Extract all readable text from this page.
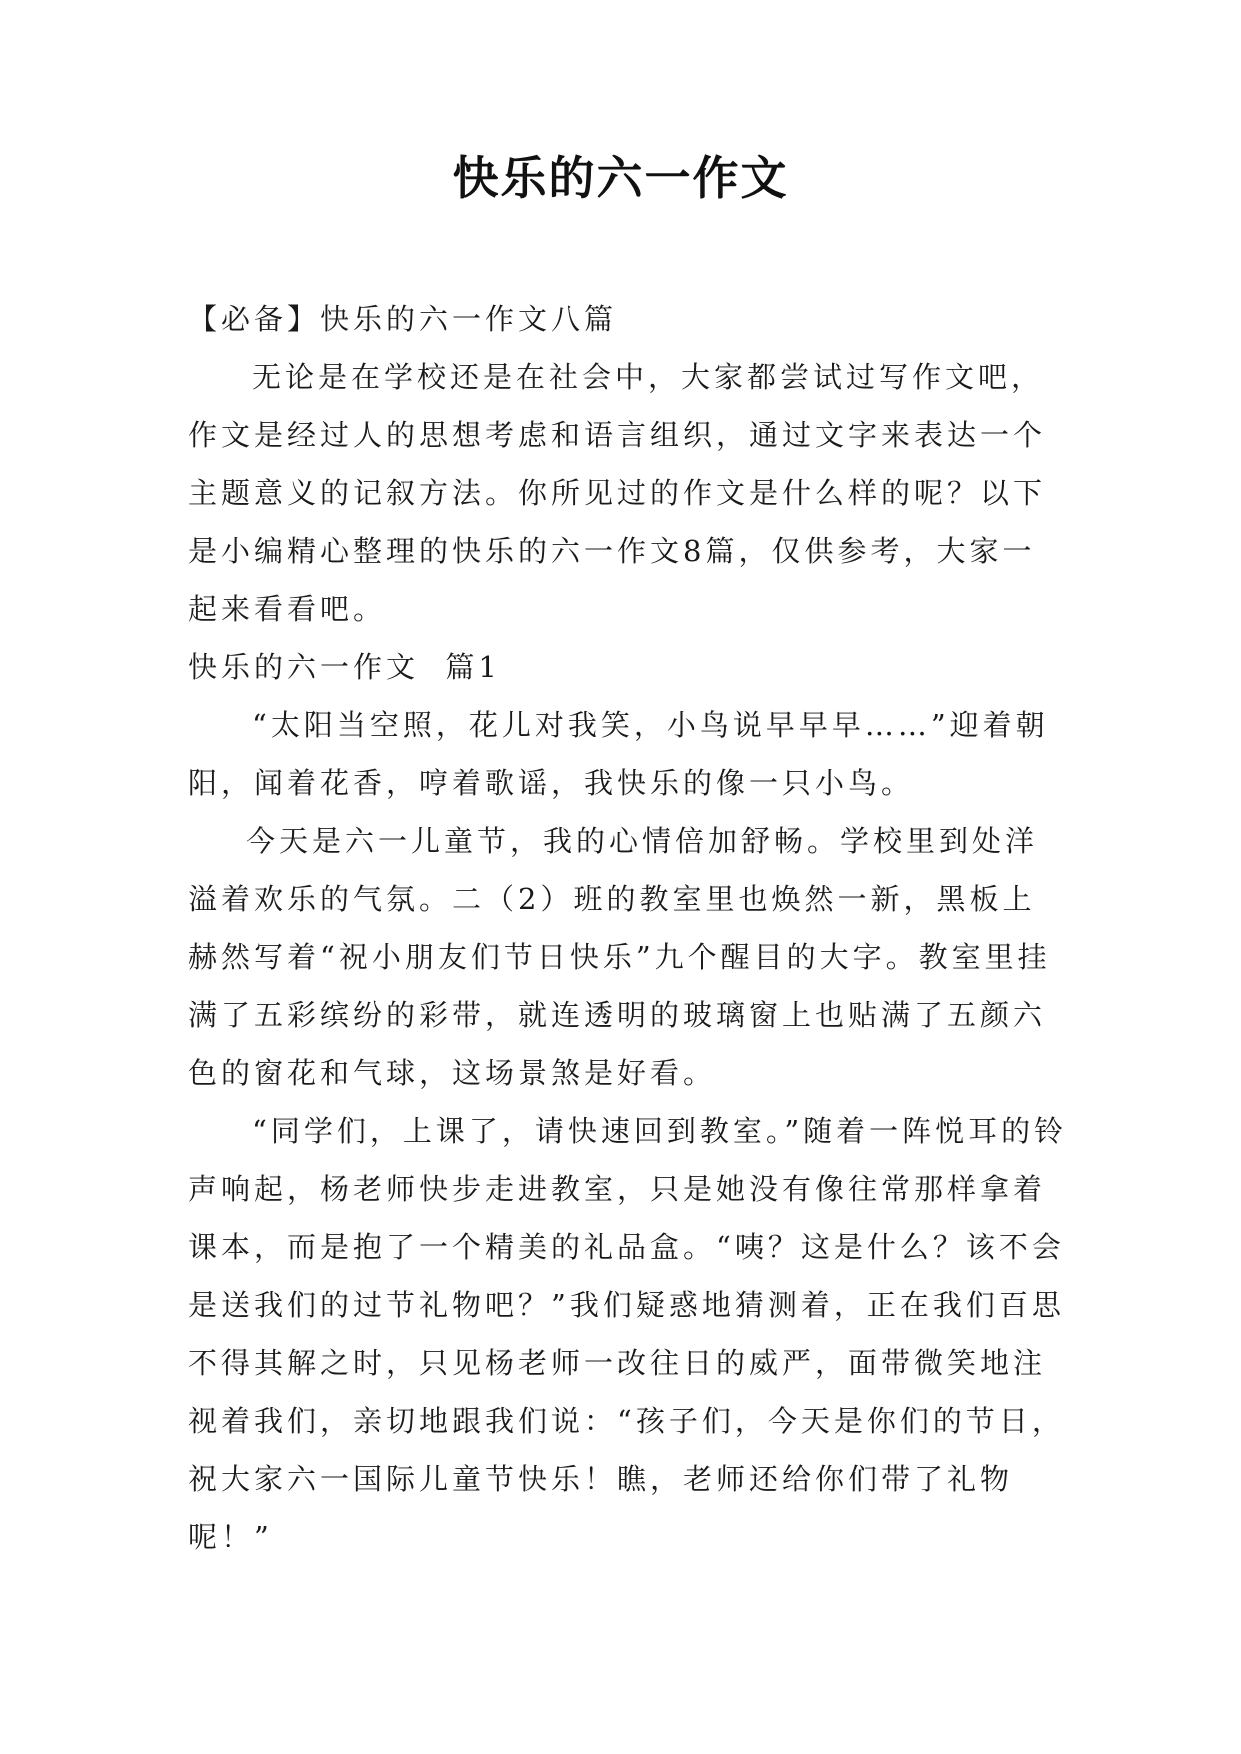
快乐的六一作文

【必备】快乐的六一作文八篇

无论是在学校还是在社会中，大家都尝试过写作文吧，作文是经过人的思想考虑和语言组织，通过文字来表达一个主题意义的记叙方法。你所见过的作文是什么样的呢？以下是小编精心整理的快乐的六一作文8篇，仅供参考，大家一起来看看吧。

快乐的六一作文  篇1

“太阳当空照，花儿对我笑，小鸟说早早早……”迎着朝阳，闻着花香，哼着歌谣，我快乐的像一只小鸟。

今天是六一儿童节，我的心情倍加舒畅。学校里到处洋溢着欢乐的气氛。二（2）班的教室里也焕然一新，黑板上赫然写着“祝小朋友们节日快乐”九个醒目的大字。教室里挂满了五彩缤纷的彩带，就连透明的玻璃窗上也贴满了五颜六色的窗花和气球，这场景煞是好看。

“同学们，上课了，请快速回到教室。”随着一阵悦耳的铃声响起，杨老师快步走进教室，只是她没有像往常那样拿着课本，而是抱了一个精美的礼品盒。“咦？这是什么？该不会是送我们的过节礼物吧？”我们疑惑地猜测着，正在我们百思不得其解之时，只见杨老师一改往日的威严，面带微笑地注视着我们，亲切地跟我们说：“孩子们，今天是你们的节日，祝大家六一国际儿童节快乐！瞧，老师还给你们带了礼物呢！”
